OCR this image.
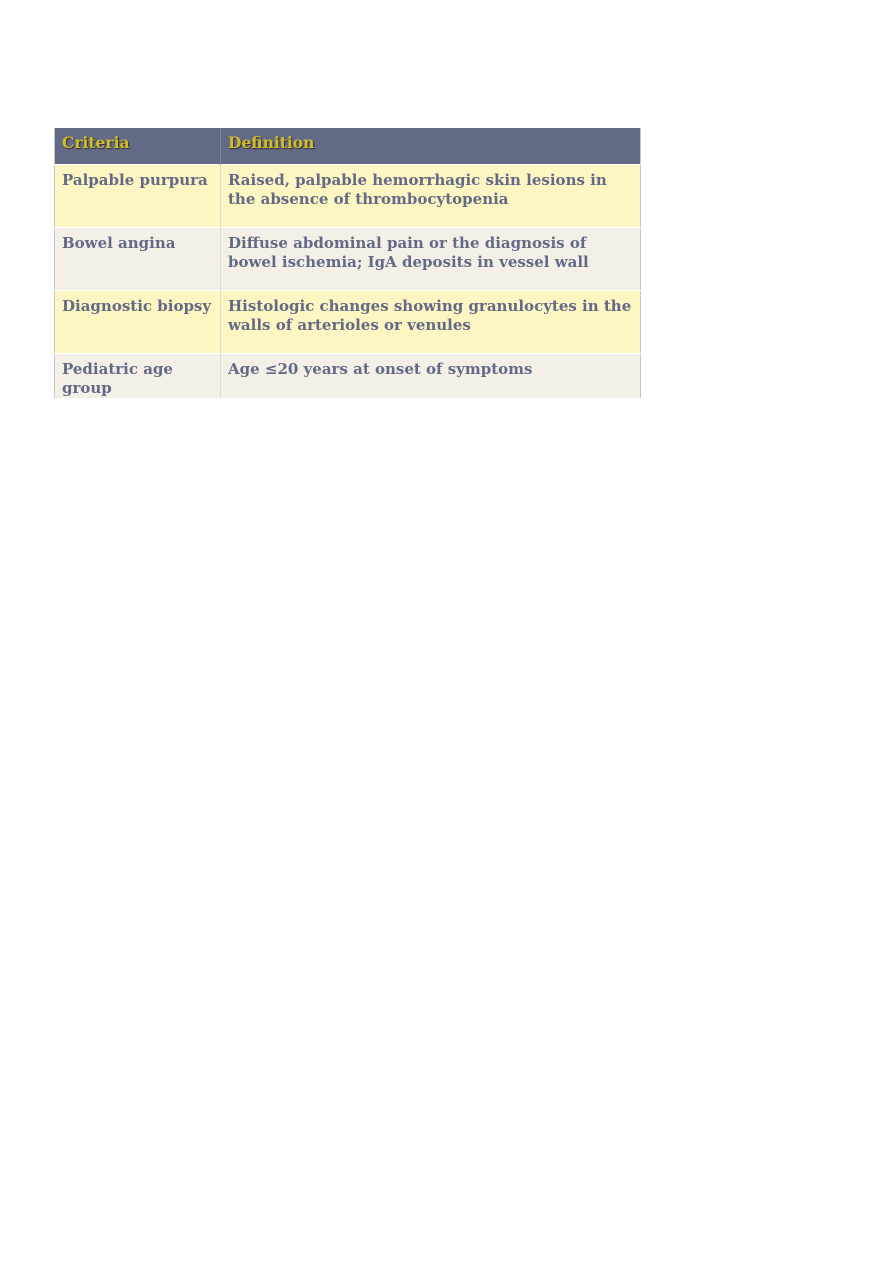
Criteria	Definition
Palpable purpura	Raised, palpable hemorrhagic skin lesions in the absence of thrombocytopenia
Bowel angina	Diffuse abdominal pain or the diagnosis of bowel ischemia; IgA deposits in vessel wall
Diagnostic biopsy	Histologic changes showing granulocytes in the walls of arterioles or venules
Pediatric age group	Age ≤20 years at onset of symptoms
